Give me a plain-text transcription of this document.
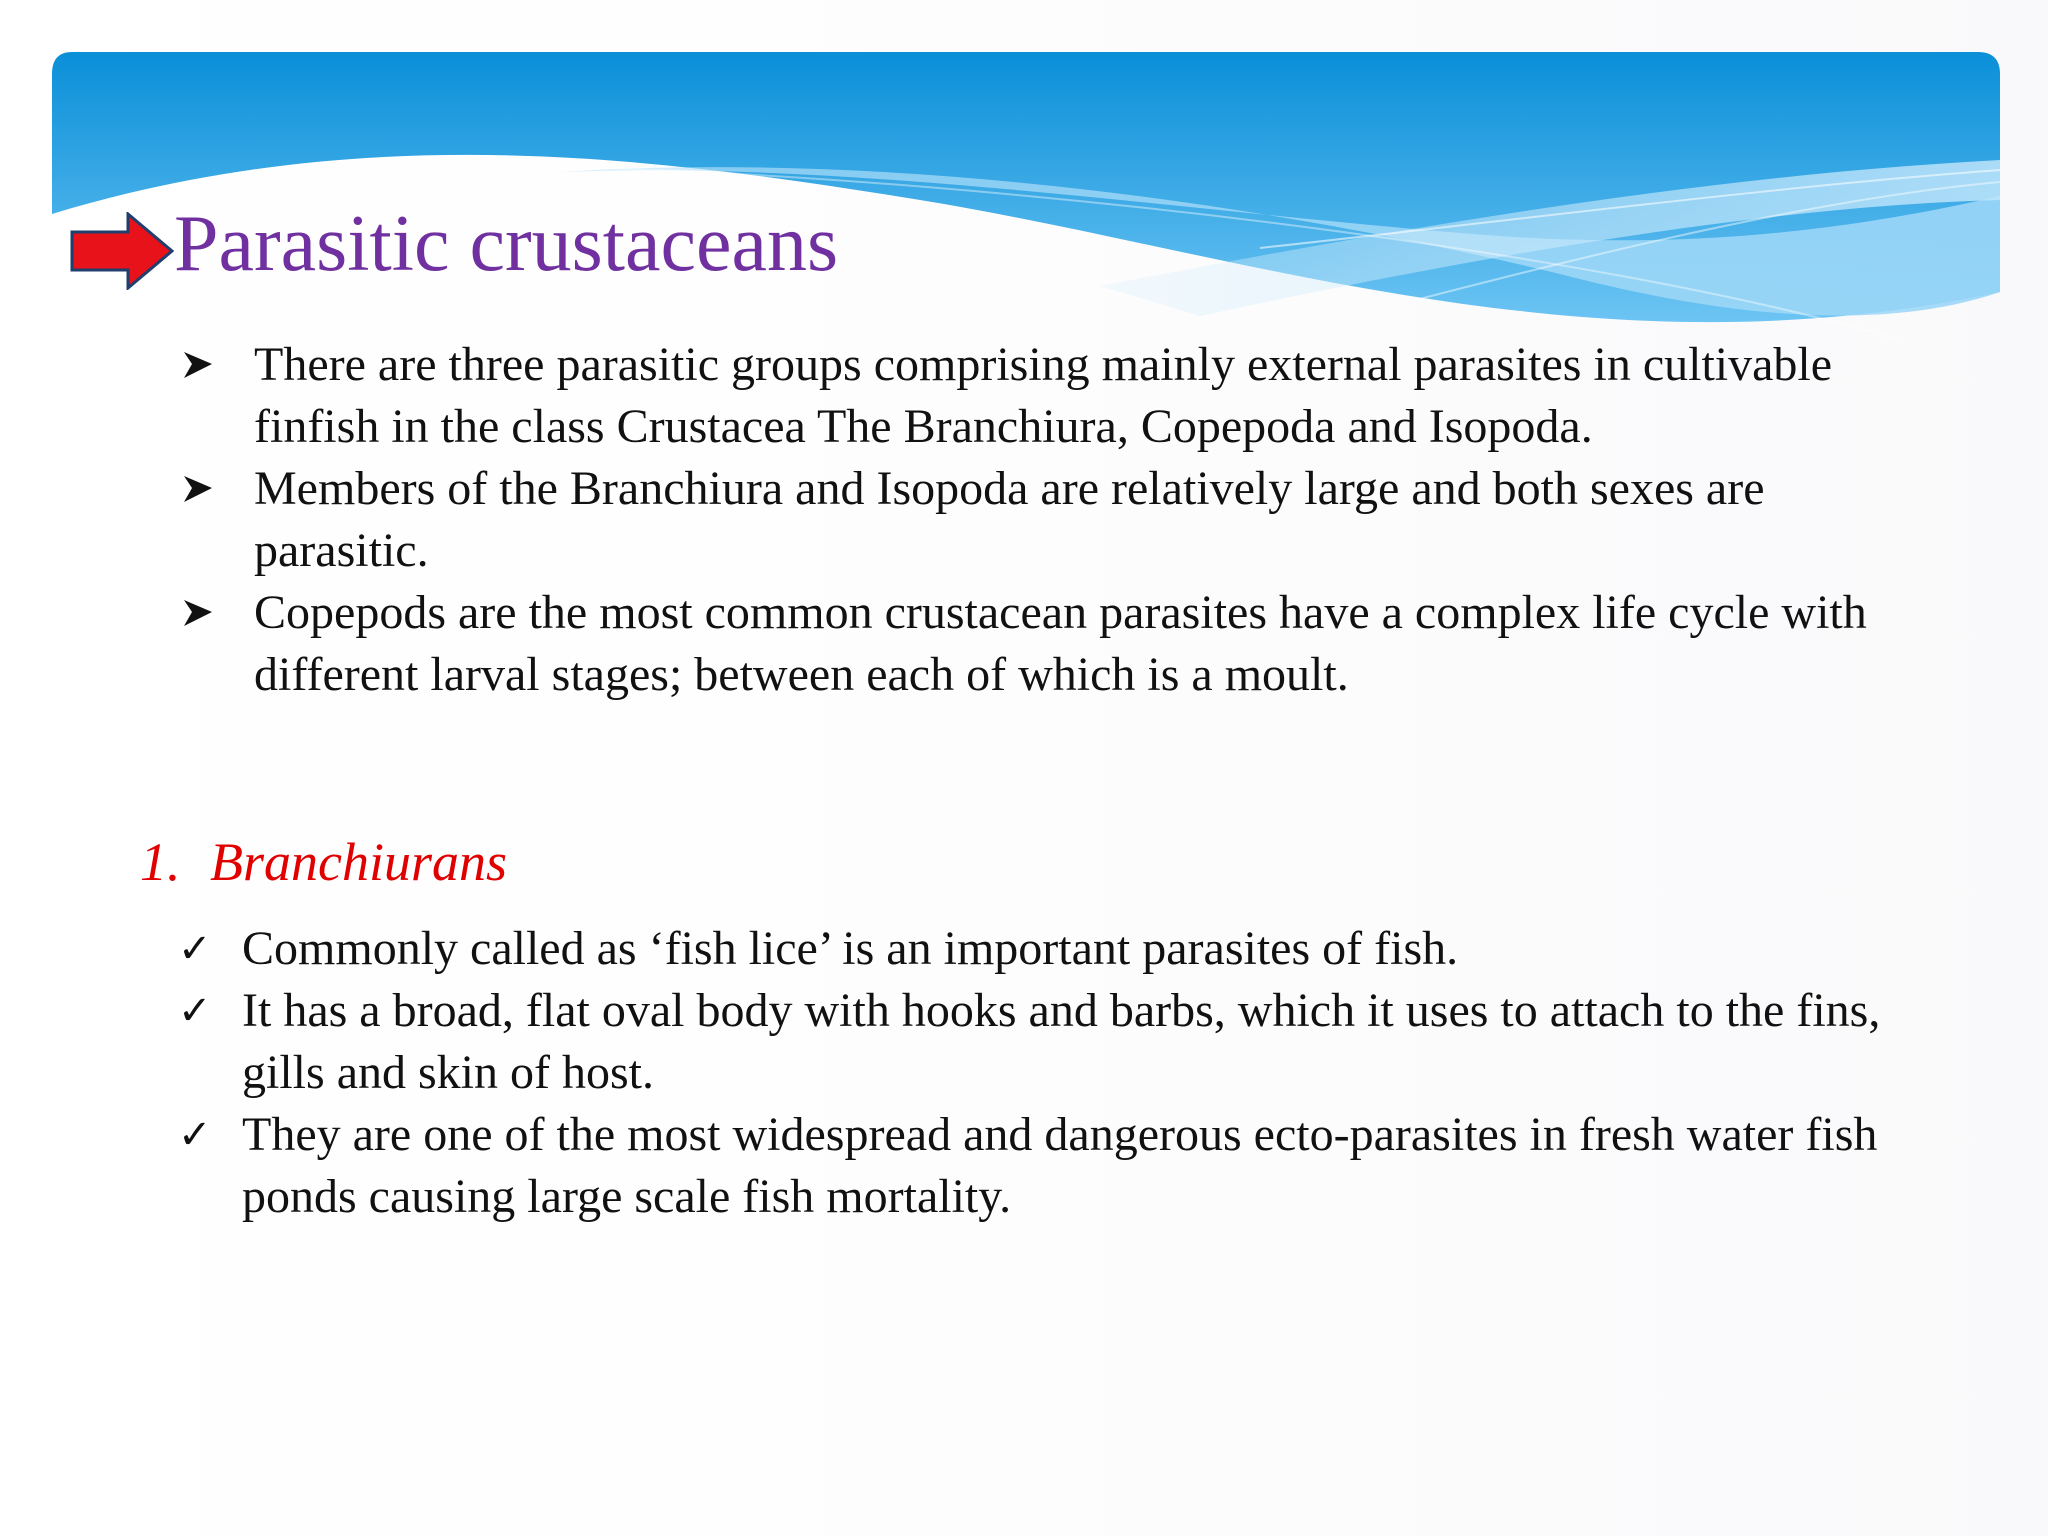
Parasitic crustaceans
There are three parasitic groups comprising mainly external parasites in cultivable finfish in the class Crustacea The Branchiura, Copepoda and Isopoda.
Members of the Branchiura and Isopoda are relatively large and both sexes are parasitic.
Copepods are the most common crustacean parasites have a complex life cycle with different larval stages; between each of which is a moult.
1. Branchiurans
✓ Commonly called as ‘fish lice’ is an important parasites of fish.
✓ It has a broad, flat oval body with hooks and barbs, which it uses to attach to the fins, gills and skin of host.
✓ They are one of the most widespread and dangerous ecto-parasites in fresh water fish ponds causing large scale fish mortality.
